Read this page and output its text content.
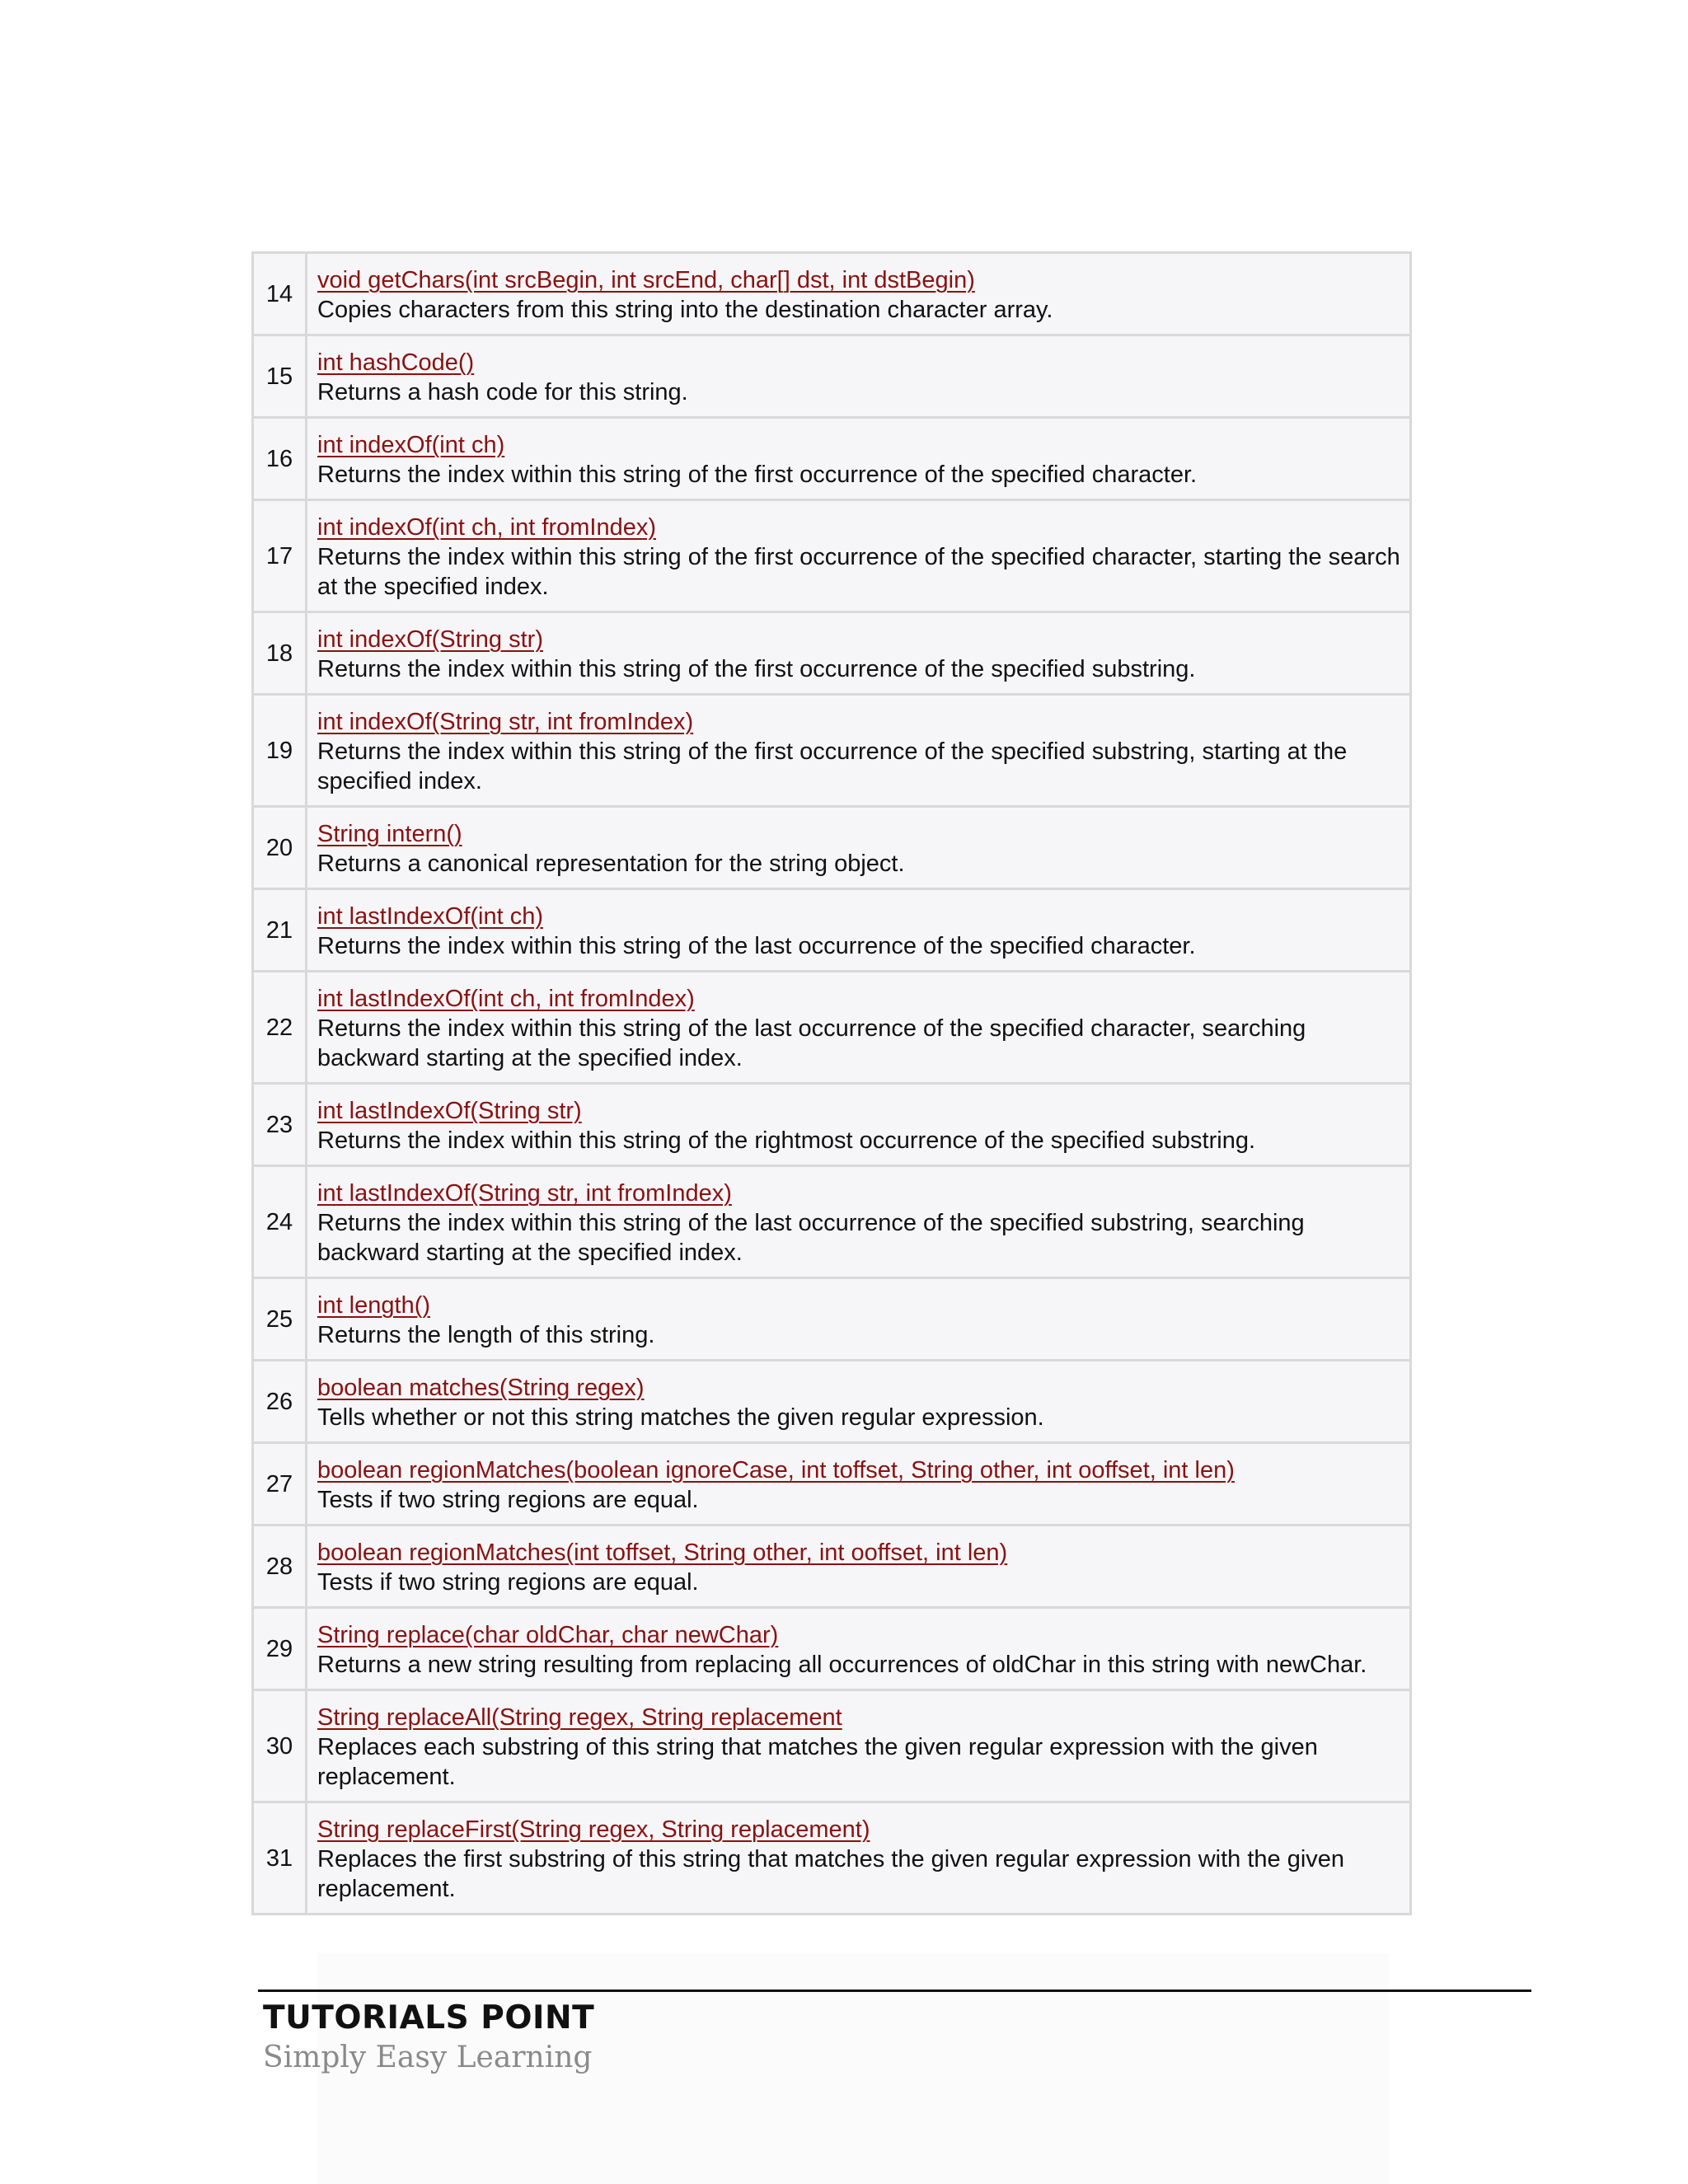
14	void getChars(int srcBegin, int srcEnd, char[] dst, int dstBegin)
Copies characters from this string into the destination character array.

15	int hashCode()
Returns a hash code for this string.

16	int indexOf(int ch)
Returns the index within this string of the first occurrence of the specified character.

17	int indexOf(int ch, int fromIndex)
Returns the index within this string of the first occurrence of the specified character, starting the search at the specified index.

18	int indexOf(String str)
Returns the index within this string of the first occurrence of the specified substring.

19	int indexOf(String str, int fromIndex)
Returns the index within this string of the first occurrence of the specified substring, starting at the specified index.

20	String intern()
Returns a canonical representation for the string object.

21	int lastIndexOf(int ch)
Returns the index within this string of the last occurrence of the specified character.

22	int lastIndexOf(int ch, int fromIndex)
Returns the index within this string of the last occurrence of the specified character, searching backward starting at the specified index.

23	int lastIndexOf(String str)
Returns the index within this string of the rightmost occurrence of the specified substring.

24	int lastIndexOf(String str, int fromIndex)
Returns the index within this string of the last occurrence of the specified substring, searching backward starting at the specified index.

25	int length()
Returns the length of this string.

26	boolean matches(String regex)
Tells whether or not this string matches the given regular expression.

27	boolean regionMatches(boolean ignoreCase, int toffset, String other, int ooffset, int len)
Tests if two string regions are equal.

28	boolean regionMatches(int toffset, String other, int ooffset, int len)
Tests if two string regions are equal.

29	String replace(char oldChar, char newChar)
Returns a new string resulting from replacing all occurrences of oldChar in this string with newChar.

30	String replaceAll(String regex, String replacement
Replaces each substring of this string that matches the given regular expression with the given replacement.

31	String replaceFirst(String regex, String replacement)
Replaces the first substring of this string that matches the given regular expression with the given replacement.
TUTORIALS POINT
Simply Easy Learning
